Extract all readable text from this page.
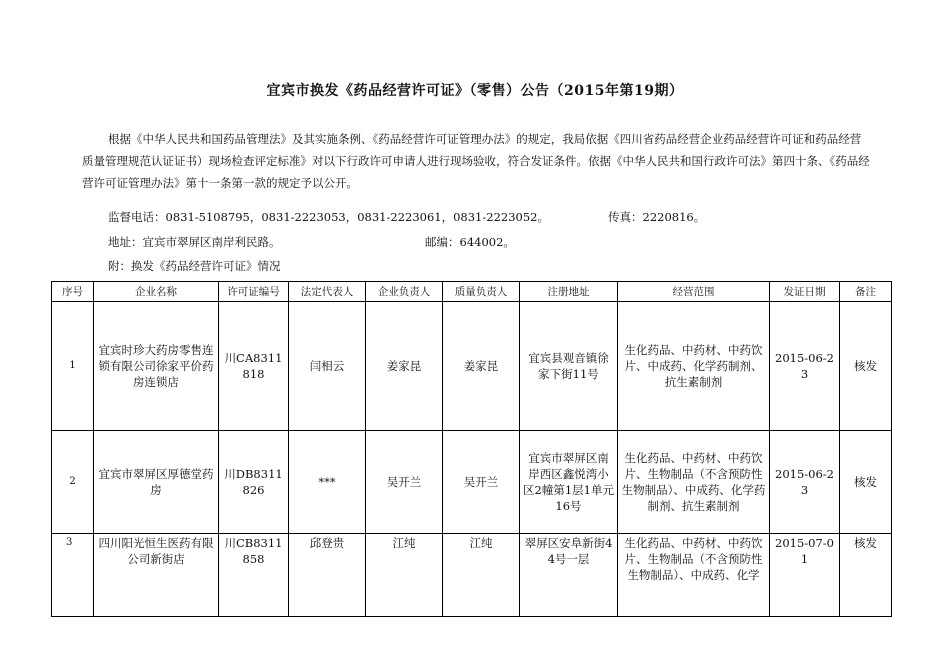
宜宾市换发《药品经营许可证》（零售）公告（2015年第19期）

根据《中华人民共和国药品管理法》及其实施条例、《药品经营许可证管理办法》的规定，我局依据《四川省药品经营企业药品经营许可证和药品经营质量管理规范认证证书）现场检查评定标准》对以下行政许可申请人进行现场验收，符合发证条件。依据《中华人民共和国行政许可法》第四十条、《药品经营许可证管理办法》第十一条第一款的规定予以公开。

监督电话：0831-5108795，0831-2223053，0831-2223061，0831-2223052。	传真：2220816。

地址：宜宾市翠屏区南岸利民路。	邮编：644002。

附：换发《药品经营许可证》情况

序号	企业名称	许可证编号	法定代表人	企业负责人	质量负责人	注册地址	经营范围	发证日期	备注
1	宜宾时珍大药房零售连锁有限公司徐家平价药房连锁店	川CA8311818	闫相云	姜家昆	姜家昆	宜宾县观音镇徐家下街11号	生化药品、中药材、中药饮片、中成药、化学药制剂、抗生素制剂	2015-06-23	核发
2	宜宾市翠屏区厚德堂药房	川DB8311826	***	吴开兰	吴开兰	宜宾市翠屏区南岸西区鑫悦湾小区2幢第1层1单元16号	生化药品、中药材、中药饮片、生物制品（不含预防性生物制品）、中成药、化学药制剂、抗生素制剂	2015-06-23	核发
3	四川阳光恒生医药有限公司新街店	川CB8311858	邱登贵	江纯	江纯	翠屏区安阜新街44号一层	生化药品、中药材、中药饮片、生物制品（不含预防性生物制品）、中成药、化学	2015-07-01	核发
